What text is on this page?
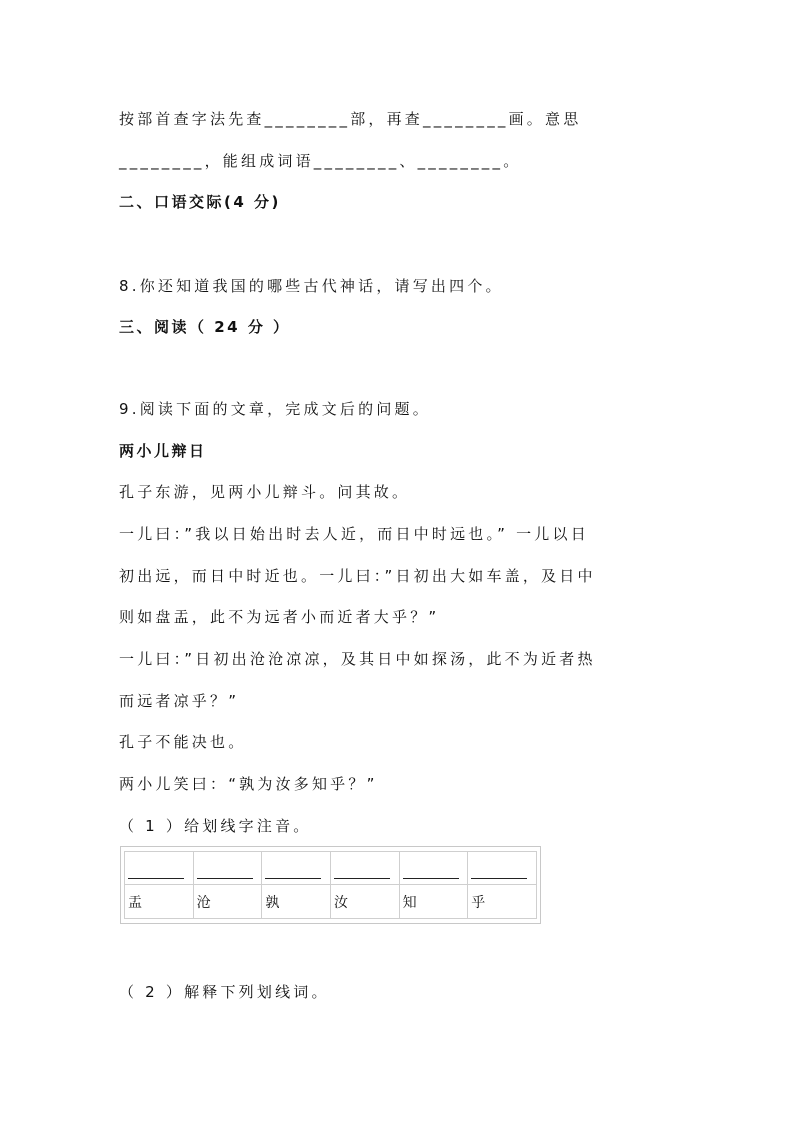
按部首查字法先查________部，再查________画。意思
________，能组成词语________、________。
二、口语交际(4 分)
8.你还知道我国的哪些古代神话，请写出四个。
三、阅读（ 24 分 ）
9.阅读下面的文章，完成文后的问题。
两小儿辩日
孔子东游，见两小儿辩斗。问其故。
一儿曰：”我以日始出时去人近，而日中时远也。” 一儿以日
初出远，而日中时近也。一儿曰：”日初出大如车盖，及日中
则如盘盂，此不为远者小而近者大乎？”
一儿曰：”日初出沧沧凉凉，及其日中如探汤，此不为近者热
而远者凉乎？”
孔子不能决也。
两小儿笑曰：“孰为汝多知乎？”
（ 1 ）给划线字注音。

盂	沧	孰	汝	知	乎
（ 2 ）解释下列划线词。
